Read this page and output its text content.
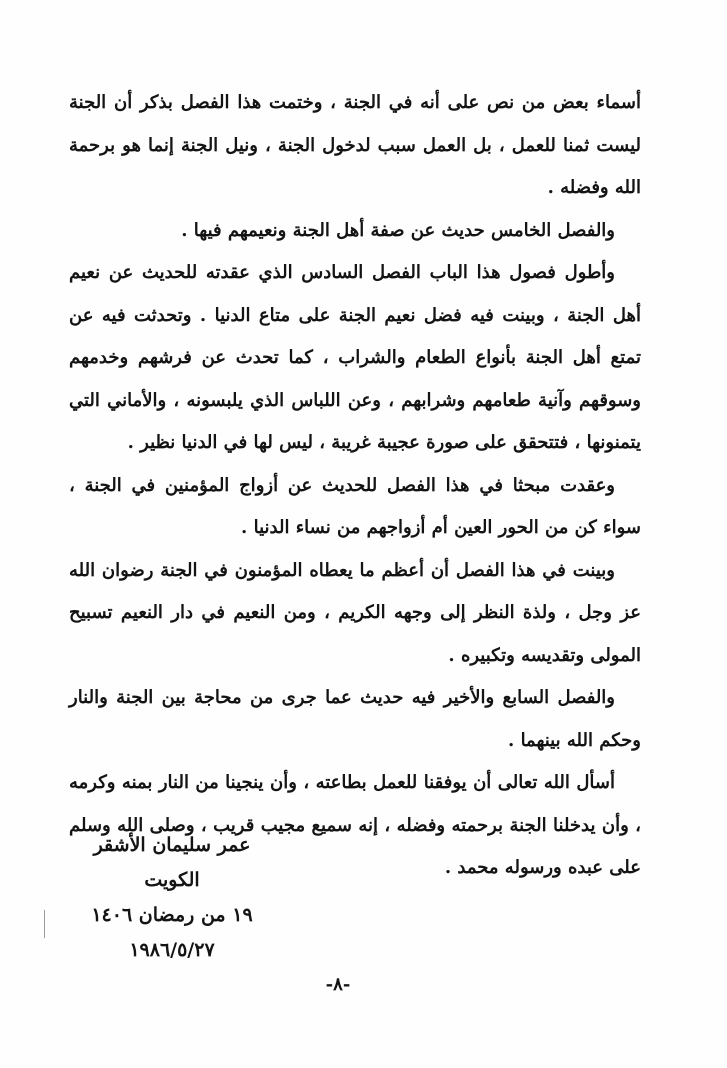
أسماء بعض من نص على أنه في الجنة ، وختمت هذا الفصل بذكر أن الجنة ليست ثمنا للعمل ، بل العمل سبب لدخول الجنة ، ونيل الجنة إنما هو برحمة الله وفضله .

والفصل الخامس حديث عن صفة أهل الجنة ونعيمهم فيها .

وأطول فصول هذا الباب الفصل السادس الذي عقدته للحديث عن نعيم أهل الجنة ، وبينت فيه فضل نعيم الجنة على متاع الدنيا . وتحدثت فيه عن تمتع أهل الجنة بأنواع الطعام والشراب ، كما تحدث عن فرشهم وخدمهم وسوقهم وآنية طعامهم وشرابهم ، وعن اللباس الذي يلبسونه ، والأماني التي يتمنونها ، فتتحقق على صورة عجيبة غريبة ، ليس لها في الدنيا نظير .

وعقدت مبحثا في هذا الفصل للحديث عن أزواج المؤمنين في الجنة ، سواء كن من الحور العين أم أزواجهم من نساء الدنيا .

وبينت في هذا الفصل أن أعظم ما يعطاه المؤمنون في الجنة رضوان الله عز وجل ، ولذة النظر إلى وجهه الكريم ، ومن النعيم في دار النعيم تسبيح المولى وتقديسه وتكبيره .

والفصل السابع والأخير فيه حديث عما جرى من محاجة بين الجنة والنار وحكم الله بينهما .

أسأل الله تعالى أن يوفقنا للعمل بطاعته ، وأن ينجينا من النار بمنه وكرمه ، وأن يدخلنا الجنة برحمته وفضله ، إنه سميع مجيب قريب ، وصلى الله وسلم على عبده ورسوله محمد .

عمر سليمان الأشقر
الكويت
١٩ من رمضان ١٤٠٦
١٩٨٦/٥/٢٧
-٨-
